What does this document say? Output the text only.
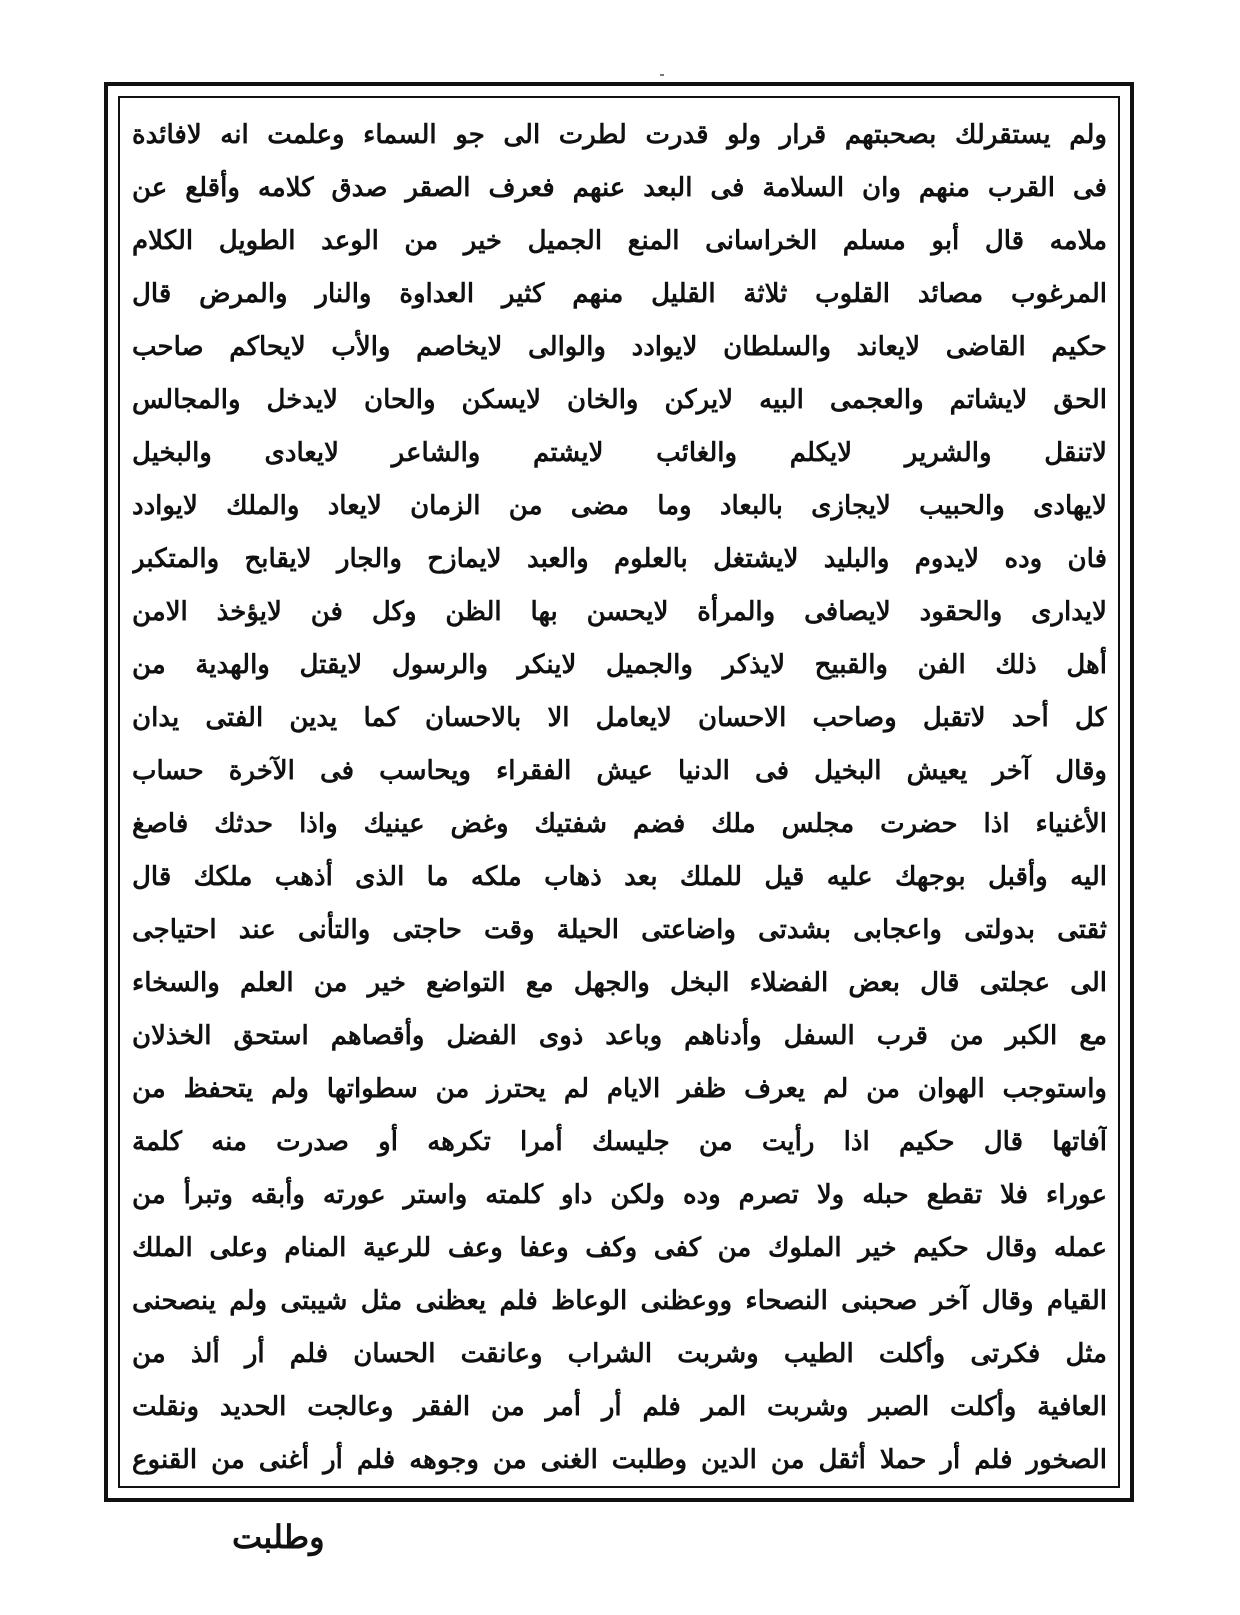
ولم يستقرلك بصحبتهم قرار ولو قدرت لطرت الى جو السماء وعلمت انه لافائدة
فى القرب منهم وان السلامة فى البعد عنهم فعرف الصقر صدق كلامه وأقلع عن
ملامه قال أبو مسلم الخراسانى المنع الجميل خير من الوعد الطويل الكلام
المرغوب مصائد القلوب ثلاثة القليل منهم كثير العداوة والنار والمرض قال
حكيم القاضى لايعاند والسلطان لايوادد والوالى لايخاصم والأب لايحاكم صاحب
الحق لايشاتم والعجمى البيه لايركن والخان لايسكن والحان لايدخل والمجالس
لاتنقل والشرير لايكلم والغائب لايشتم والشاعر لايعادى والبخيل
لايهادى والحبيب لايجازى بالبعاد وما مضى من الزمان لايعاد والملك لايوادد
فان وده لايدوم والبليد لايشتغل بالعلوم والعبد لايمازح والجار لايقابح والمتكبر
لايدارى والحقود لايصافى والمرأة لايحسن بها الظن وكل فن لايؤخذ الامن
أهل ذلك الفن والقبيح لايذكر والجميل لاينكر والرسول لايقتل والهدية من
كل أحد لاتقبل وصاحب الاحسان لايعامل الا بالاحسان كما يدين الفتى يدان
وقال آخر يعيش البخيل فى الدنيا عيش الفقراء ويحاسب فى الآخرة حساب
الأغنياء اذا حضرت مجلس ملك فضم شفتيك وغض عينيك واذا حدثك فاصغ
اليه وأقبل بوجهك عليه قيل للملك بعد ذهاب ملكه ما الذى أذهب ملكك قال
ثقتى بدولتى واعجابى بشدتى واضاعتى الحيلة وقت حاجتى والتأنى عند احتياجى
الى عجلتى قال بعض الفضلاء البخل والجهل مع التواضع خير من العلم والسخاء
مع الكبر من قرب السفل وأدناهم وباعد ذوى الفضل وأقصاهم استحق الخذلان
واستوجب الهوان من لم يعرف ظفر الايام لم يحترز من سطواتها ولم يتحفظ من
آفاتها قال حكيم اذا رأيت من جليسك أمرا تكرهه أو صدرت منه كلمة
عوراء فلا تقطع حبله ولا تصرم وده ولكن داو كلمته واستر عورته وأبقه وتبرأ من
عمله وقال حكيم خير الملوك من كفى وكف وعفا وعف للرعية المنام وعلى الملك
القيام وقال آخر صحبنى النصحاء ووعظنى الوعاظ فلم يعظنى مثل شيبتى ولم ينصحنى
مثل فكرتى وأكلت الطيب وشربت الشراب وعانقت الحسان فلم أر ألذ من
العافية وأكلت الصبر وشربت المر فلم أر أمر من الفقر وعالجت الحديد ونقلت
الصخور فلم أر حملا أثقل من الدين وطلبت الغنى من وجوهه فلم أر أغنى من القنوع
وطلبت
